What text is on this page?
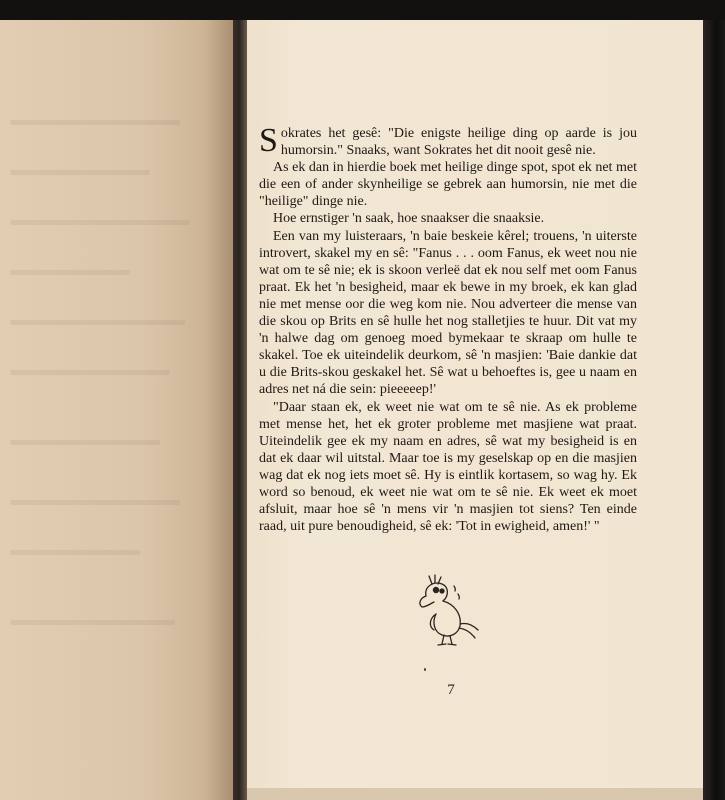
Sokrates het gesê: "Die enigste heilige ding op aarde is jou humorsin." Snaaks, want Sokrates het dit nooit gesê nie.

As ek dan in hierdie boek met heilige dinge spot, spot ek net met die een of ander skynheilige se gebrek aan humorsin, nie met die "heilige" dinge nie.

Hoe ernstiger 'n saak, hoe snaakser die snaaksie.

Een van my luisteraars, 'n baie beskeie kêrel; trouens, 'n uiterste introvert, skakel my en sê: "Fanus . . . oom Fanus, ek weet nou nie wat om te sê nie; ek is skoon verleë dat ek nou self met oom Fanus praat. Ek het 'n besigheid, maar ek bewe in my broek, ek kan glad nie met mense oor die weg kom nie. Nou adverteer die mense van die skou op Brits en sê hulle het nog stalletjies te huur. Dit vat my 'n halwe dag om genoeg moed bymekaar te skraap om hulle te skakel. Toe ek uiteindelik deurkom, sê 'n masjien: 'Baie dankie dat u die Brits-skou geskakel het. Sê wat u behoeftes is, gee u naam en adres net ná die sein: pieeeeep!'

"Daar staan ek, ek weet nie wat om te sê nie. As ek probleme met mense het, het ek groter probleme met masjiene wat praat. Uiteindelik gee ek my naam en adres, sê wat my besigheid is en dat ek daar wil uitstal. Maar toe is my geselskap op en die masjien wag dat ek nog iets moet sê. Hy is eintlik kortasem, so wag hy. Ek word so benoud, ek weet nie wat om te sê nie. Ek weet ek moet afsluit, maar hoe sê 'n mens vir 'n masjien tot siens? Ten einde raad, uit pure benoudigheid, sê ek: 'Tot in ewigheid, amen!' "

7
